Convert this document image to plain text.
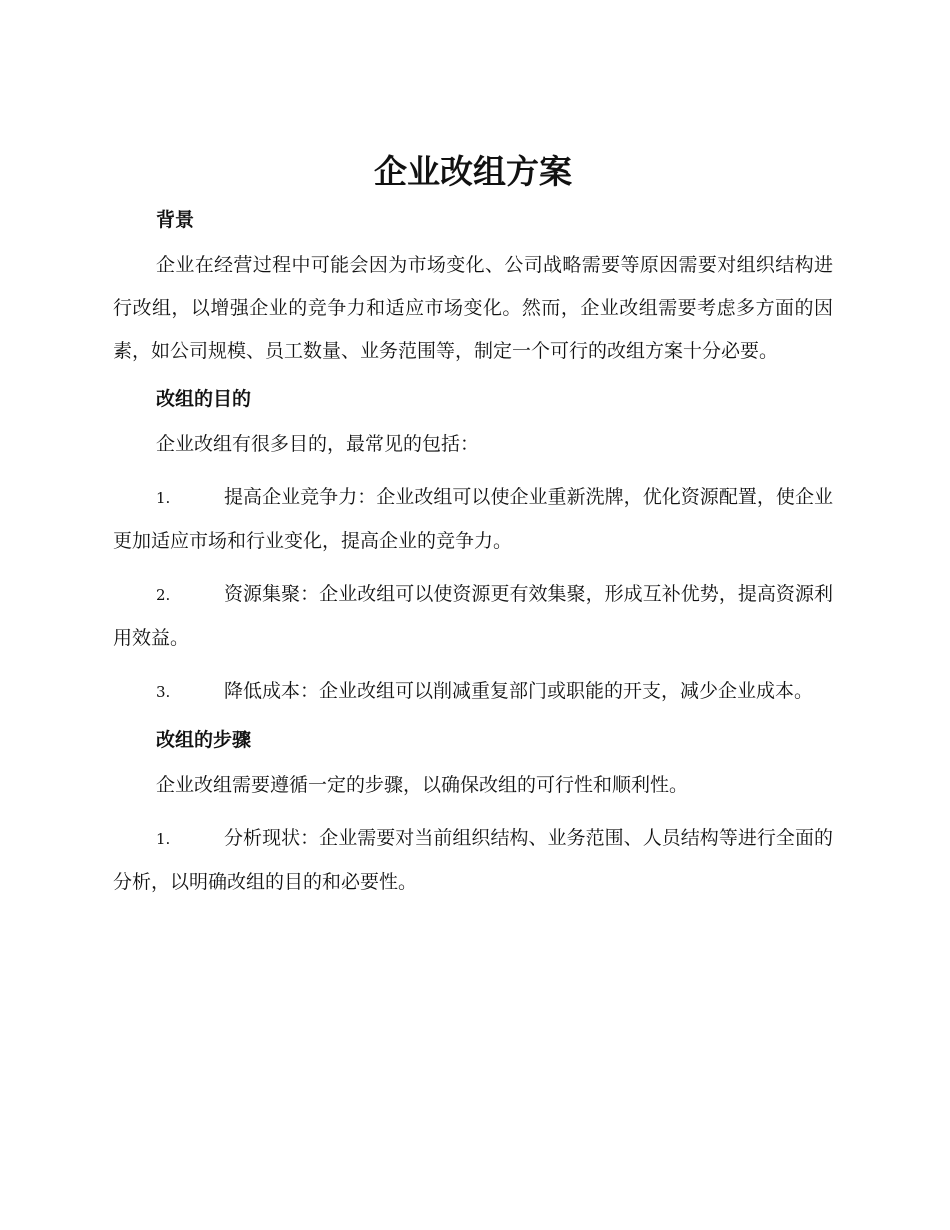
企业改组方案
背景

企业在经营过程中可能会因为市场变化、公司战略需要等原因需要对组织结构进行改组，以增强企业的竞争力和适应市场变化。然而，企业改组需要考虑多方面的因素，如公司规模、员工数量、业务范围等，制定一个可行的改组方案十分必要。

改组的目的

企业改组有很多目的，最常见的包括：

1.	提高企业竞争力：企业改组可以使企业重新洗牌，优化资源配置，使企业更加适应市场和行业变化，提高企业的竞争力。

2.	资源集聚：企业改组可以使资源更有效集聚，形成互补优势，提高资源利用效益。

3.	降低成本：企业改组可以削减重复部门或职能的开支，减少企业成本。

改组的步骤

企业改组需要遵循一定的步骤，以确保改组的可行性和顺利性。

1.	分析现状：企业需要对当前组织结构、业务范围、人员结构等进行全面的分析，以明确改组的目的和必要性。
